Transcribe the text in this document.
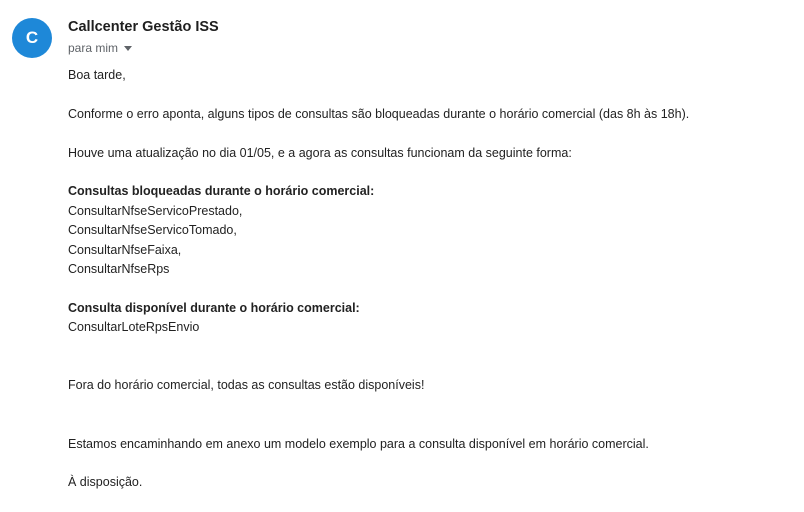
C
Callcenter Gestão ISS
para mim

Boa tarde,

Conforme o erro aponta, alguns tipos de consultas são bloqueadas durante o horário comercial (das 8h às 18h).

Houve uma atualização no dia 01/05, e a agora as consultas funcionam da seguinte forma:

Consultas bloqueadas durante o horário comercial:

ConsultarNfseServicoPrestado,

ConsultarNfseServicoTomado,

ConsultarNfseFaixa,

ConsultarNfseRps

Consulta disponível durante o horário comercial:

ConsultarLoteRpsEnvio

Fora do horário comercial, todas as consultas estão disponíveis!

Estamos encaminhando em anexo um modelo exemplo para a consulta disponível em horário comercial.

À disposição.
